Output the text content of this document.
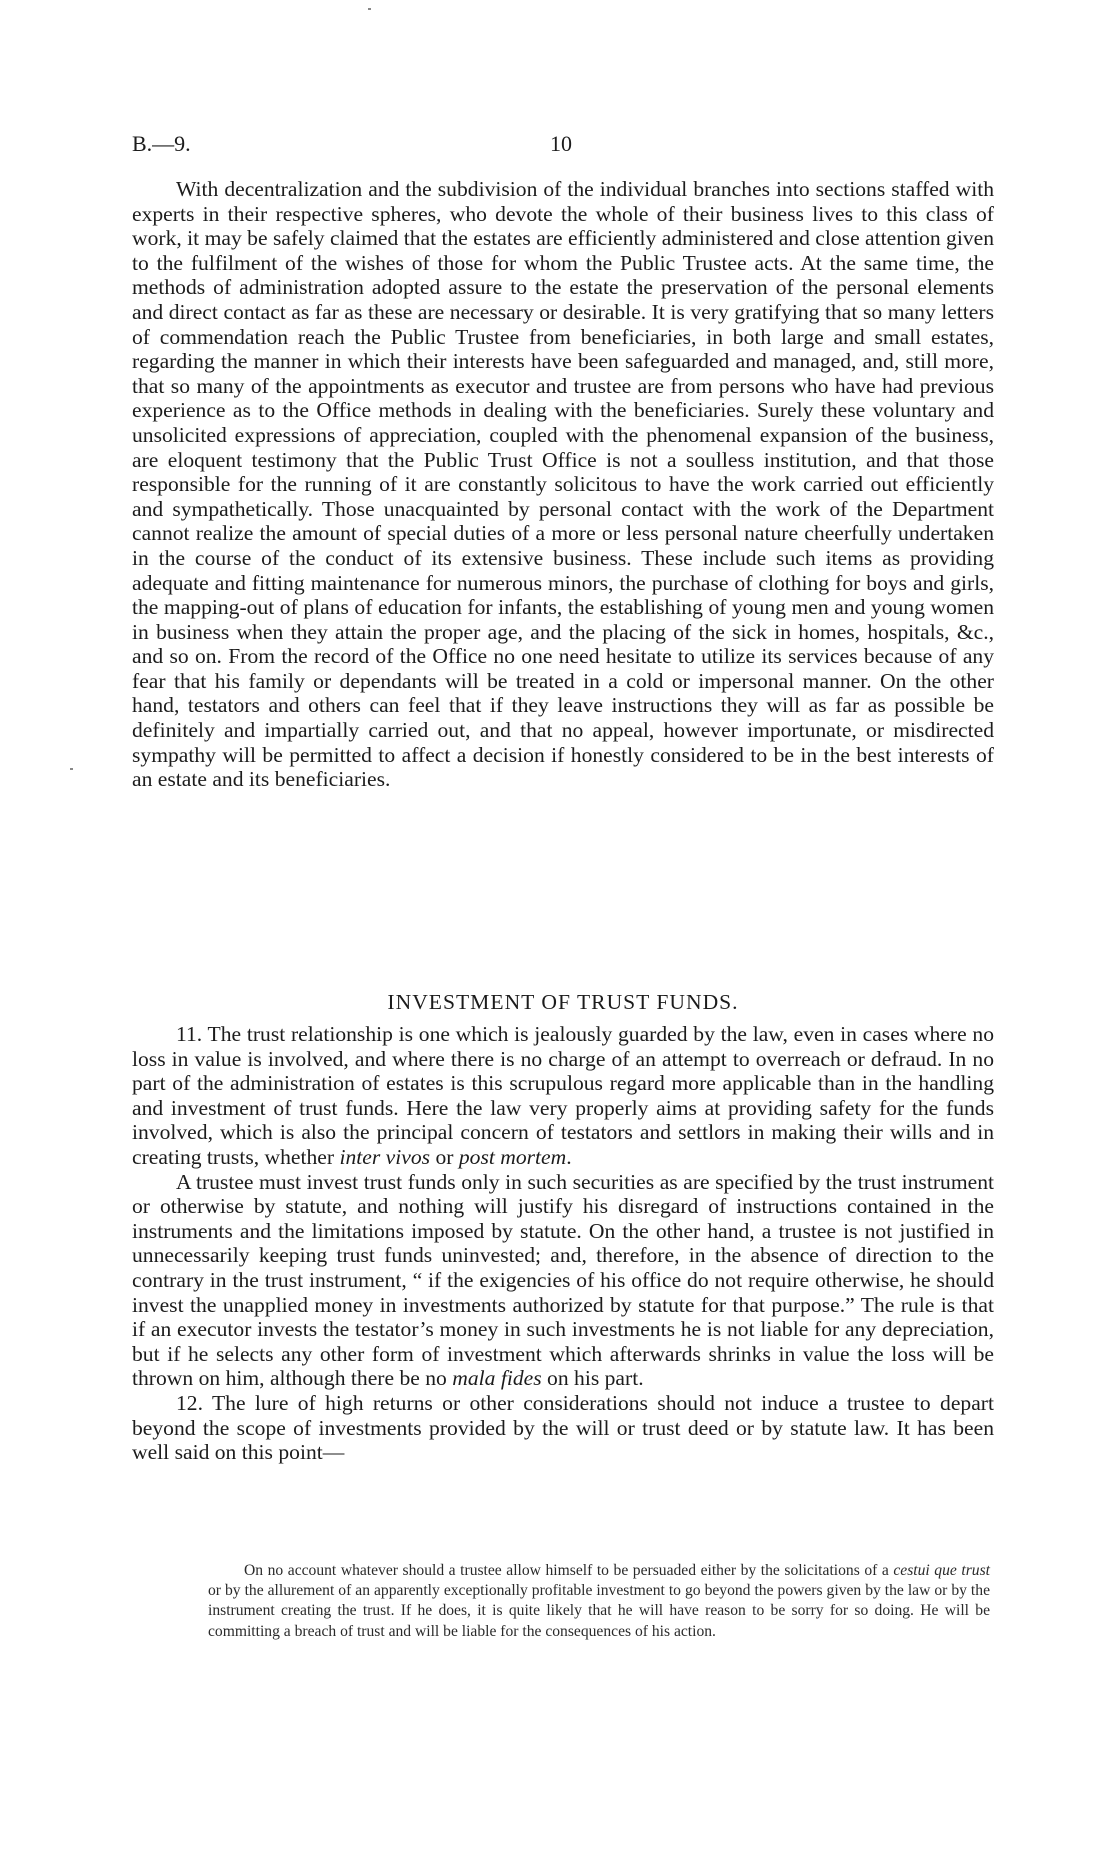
B.—9.	10

With decentralization and the subdivision of the individual branches into sections staffed with experts in their respective spheres, who devote the whole of their business lives to this class of work, it may be safely claimed that the estates are efficiently administered and close attention given to the fulfilment of the wishes of those for whom the Public Trustee acts. At the same time, the methods of administration adopted assure to the estate the preservation of the personal elements and direct contact as far as these are necessary or desirable. It is very gratifying that so many letters of commendation reach the Public Trustee from beneficiaries, in both large and small estates, regarding the manner in which their interests have been safeguarded and managed, and, still more, that so many of the appointments as executor and trustee are from persons who have had previous experience as to the Office methods in dealing with the beneficiaries. Surely these voluntary and unsolicited expressions of appreciation, coupled with the phenomenal expansion of the business, are eloquent testimony that the Public Trust Office is not a soulless institution, and that those responsible for the running of it are constantly solicitous to have the work carried out efficiently and sympathetically. Those unacquainted by personal contact with the work of the Department cannot realize the amount of special duties of a more or less personal nature cheerfully undertaken in the course of the conduct of its extensive business. These include such items as providing adequate and fitting maintenance for numerous minors, the purchase of clothing for boys and girls, the mapping-out of plans of education for infants, the establishing of young men and young women in business when they attain the proper age, and the placing of the sick in homes, hospitals, &c., and so on. From the record of the Office no one need hesitate to utilize its services because of any fear that his family or dependants will be treated in a cold or impersonal manner. On the other hand, testators and others can feel that if they leave instructions they will as far as possible be definitely and impartially carried out, and that no appeal, however importunate, or misdirected sympathy will be permitted to affect a decision if honestly considered to be in the best interests of an estate and its beneficiaries.

INVESTMENT OF TRUST FUNDS.

11. The trust relationship is one which is jealously guarded by the law, even in cases where no loss in value is involved, and where there is no charge of an attempt to overreach or defraud. In no part of the administration of estates is this scrupulous regard more applicable than in the handling and investment of trust funds. Here the law very properly aims at providing safety for the funds involved, which is also the principal concern of testators and settlors in making their wills and in creating trusts, whether inter vivos or post mortem.

A trustee must invest trust funds only in such securities as are specified by the trust instrument or otherwise by statute, and nothing will justify his disregard of instructions contained in the instruments and the limitations imposed by statute. On the other hand, a trustee is not justified in unnecessarily keeping trust funds uninvested; and, therefore, in the absence of direction to the contrary in the trust instrument, “ if the exigencies of his office do not require otherwise, he should invest the unapplied money in investments authorized by statute for that purpose.” The rule is that if an executor invests the testator’s money in such investments he is not liable for any depreciation, but if he selects any other form of investment which afterwards shrinks in value the loss will be thrown on him, although there be no mala fides on his part.

12. The lure of high returns or other considerations should not induce a trustee to depart beyond the scope of investments provided by the will or trust deed or by statute law. It has been well said on this point—

On no account whatever should a trustee allow himself to be persuaded either by the solicitations of a cestui que trust or by the allurement of an apparently exceptionally profitable investment to go beyond the powers given by the law or by the instrument creating the trust. If he does, it is quite likely that he will have reason to be sorry for so doing. He will be committing a breach of trust and will be liable for the consequences of his action.
